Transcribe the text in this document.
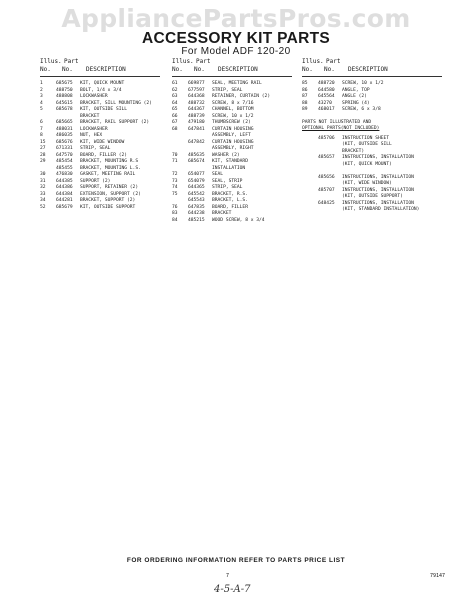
AppliancePartsPros.com
ACCESSORY KIT PARTS
For Model ADF 120-20
Illus. Part
No. No. DESCRIPTION
1	685675	KIT, QUICK MOUNT
2	488750	BOLT, 1/4 x 3/4
3	488808	LOCKWASHER
4	645615	BRACKET, SILL MOUNTING (2)
5	685678	KIT, OUTSIDE SILL
BRACKET
6	685665	BRACKET, RAIL SUPPORT (2)
7	488031	LOCKWASHER
8	486035	NUT, HEX
15 685676	KIT, WIDE WINDOW
27 671331	STRIP, SEAL
28 647570	BOARD, FILLER (2)
29 485454	BRACKET, MOUNTING R.S
485455	BRACKET, MOUNTING L.S.
30 476830	GASKET, MEETING RAIL
31 644385	SUPPORT (2)
32 644386	SUPPORT, RETAINER (2)
33 644384	EXTENSION, SUPPORT (2)
34 644281	BRACKET, SUPPORT (2)
52 685679	KIT, OUTSIDE SUPPORT
Illus. Part
No. No. DESCRIPTION
61 669877	SEAL, MEETING RAIL
62 677597	STRIP, SEAL
63 644368	RETAINER, CURTAIN (2)
64 488732	SCREW, 8 x 7/16
65 644367	CHANNEL, BOTTOM
66 488739	SCREW, 10 x 1/2
67 479180	THUMBSCREW (2)
68 647841	CURTAIN HOUSING
ASSEMBLY, LEFT
647842	CURTAIN HOUSING
ASSEMBLY, RIGHT
70 485635	WASHER (2)
71 685674	KIT, STANDARD
INSTALLATION
72 654077	SEAL
73 654079	SEAL, STRIP
74 644365	STRIP, SEAL
75 645542	BRACKET, R.S.
645543	BRACKET, L.S.
76 647835	BOARD, FILLER
83 644238	BRACKET
84 485215	WOOD SCREW, 8 x 3/4
Illus. Part
No. No. DESCRIPTION
85 488720	SCREW, 10 x 1/2
86 644580	ANGLE, TOP
87 645564	ANGLE (2)
88 43270	SPRING (4)
89 468017	SCREW, 6 x 3/8
PARTS NOT ILLUSTRATED AND
OPTIONAL PARTS(NOT INCLUDED)
485706	INSTRUCTION SHEET
(KIT, OUTSIDE SILL
BRACKET)
485657	INSTRUCTIONS, INSTALLATION
(KIT, QUICK MOUNT)
485656	INSTRUCTIONS, INSTALLATION
(KIT, WIDE WINDOW)
485707	INSTRUCTIONS, INSTALLATION
(KIT, OUTSIDE SUPPORT)
648425	INSTRUCTIONS, INSTALLATION
(KIT, STANDARD INSTALLATION)
FOR ORDERING INFORMATION REFER TO PARTS PRICE LIST
7	79147
4-5-A-7
